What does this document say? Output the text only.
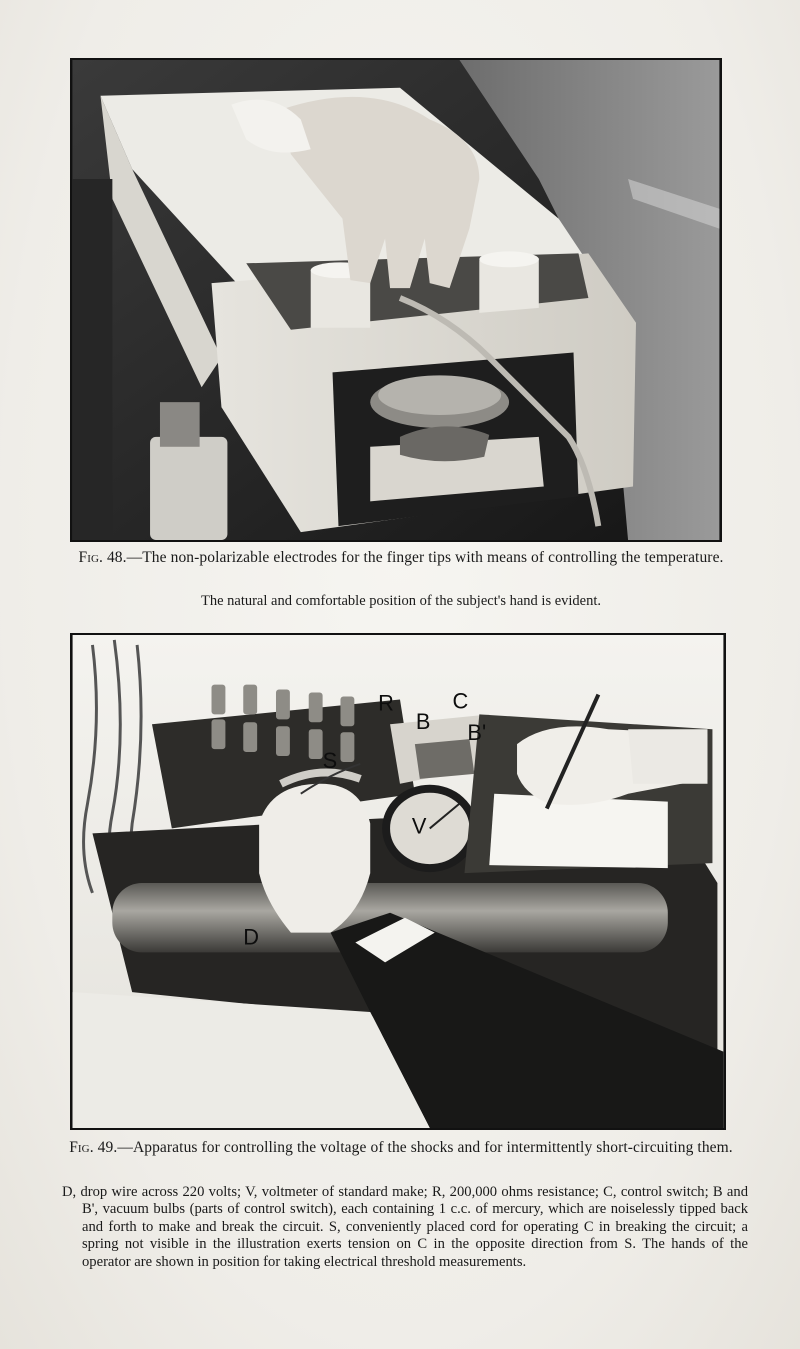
Fig. 48.—The non-polarizable electrodes for the finger tips with means of controlling the temperature.
The natural and comfortable position of the subject's hand is evident.
R	C
B B'
S
V
D
Fig. 49.—Apparatus for controlling the voltage of the shocks and for intermittently short-circuiting them.
D, drop wire across 220 volts; V, voltmeter of standard make; R, 200,000 ohms resistance; C, control switch; B and B', vacuum bulbs (parts of control switch), each containing 1 c.c. of mercury, which are noiselessly tipped back and forth to make and break the circuit. S, conveniently placed cord for operating C in breaking the circuit; a spring not visible in the illustration exerts tension on C in the opposite direction from S. The hands of the operator are shown in position for taking electrical threshold measurements.
